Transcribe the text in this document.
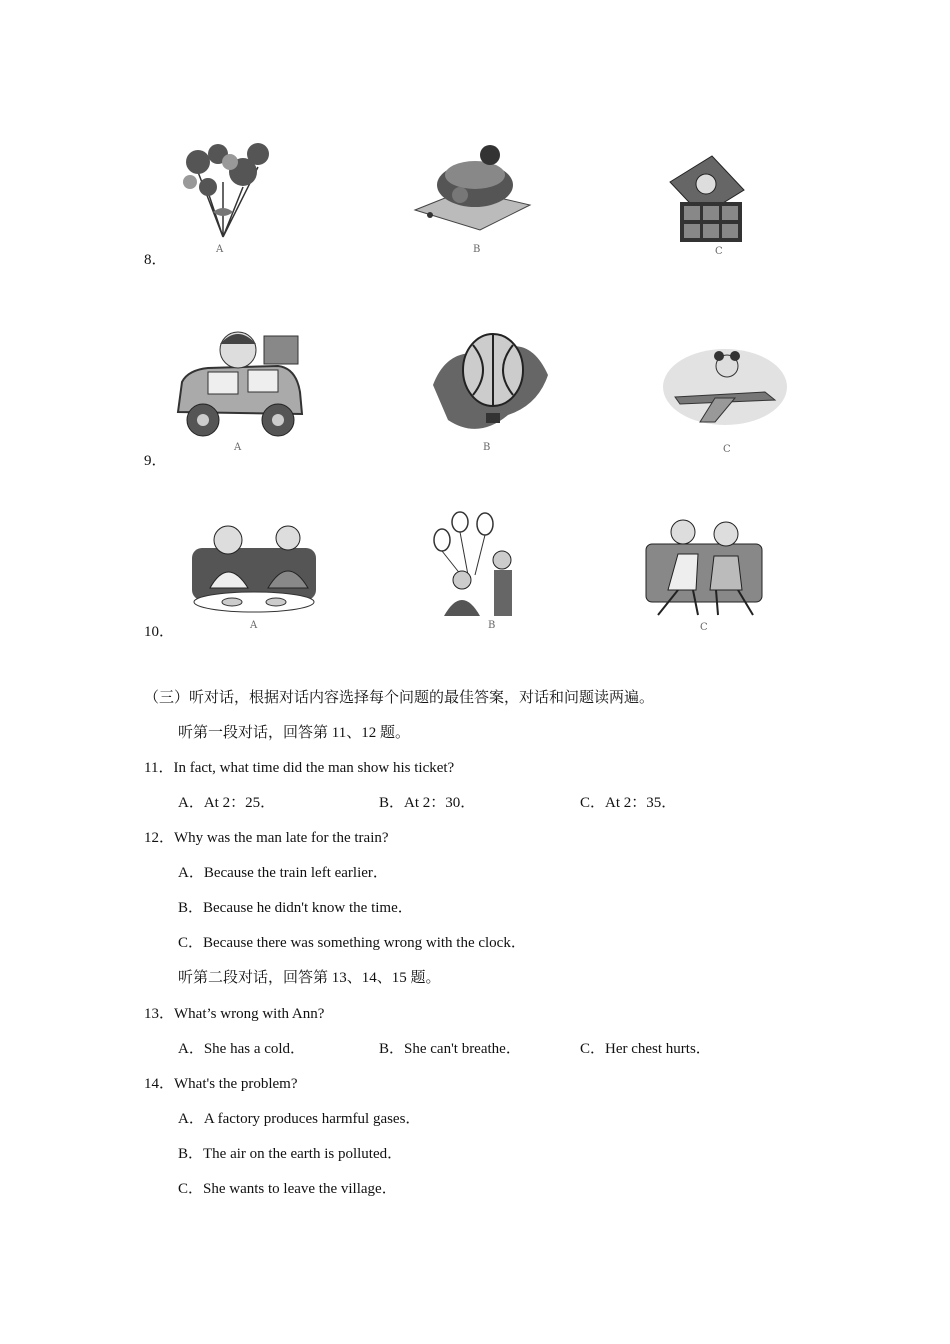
8．
A	B	C
9．
A	B	C
10．	A	B	C
（三）听对话，根据对话内容选择每个问题的最佳答案，对话和问题读两遍。
听第一段对话，回答第 11、12 题。
11．In fact, what time did the man show his ticket?
A．At 2：25．	B．At 2：30．	C．At 2：35．
12．Why was the man late for the train?
A．Because the train left earlier．
B．Because he didn't know the time．
C．Because there was something wrong with the clock．
听第二段对话，回答第 13、14、15 题。
13．What’s wrong with Ann?
A．She has a cold．	B．She can't breathe．	C．Her chest hurts．
14．What's the problem?
A．A factory produces harmful gases．
B．The air on the earth is polluted．
C．She wants to leave the village．
